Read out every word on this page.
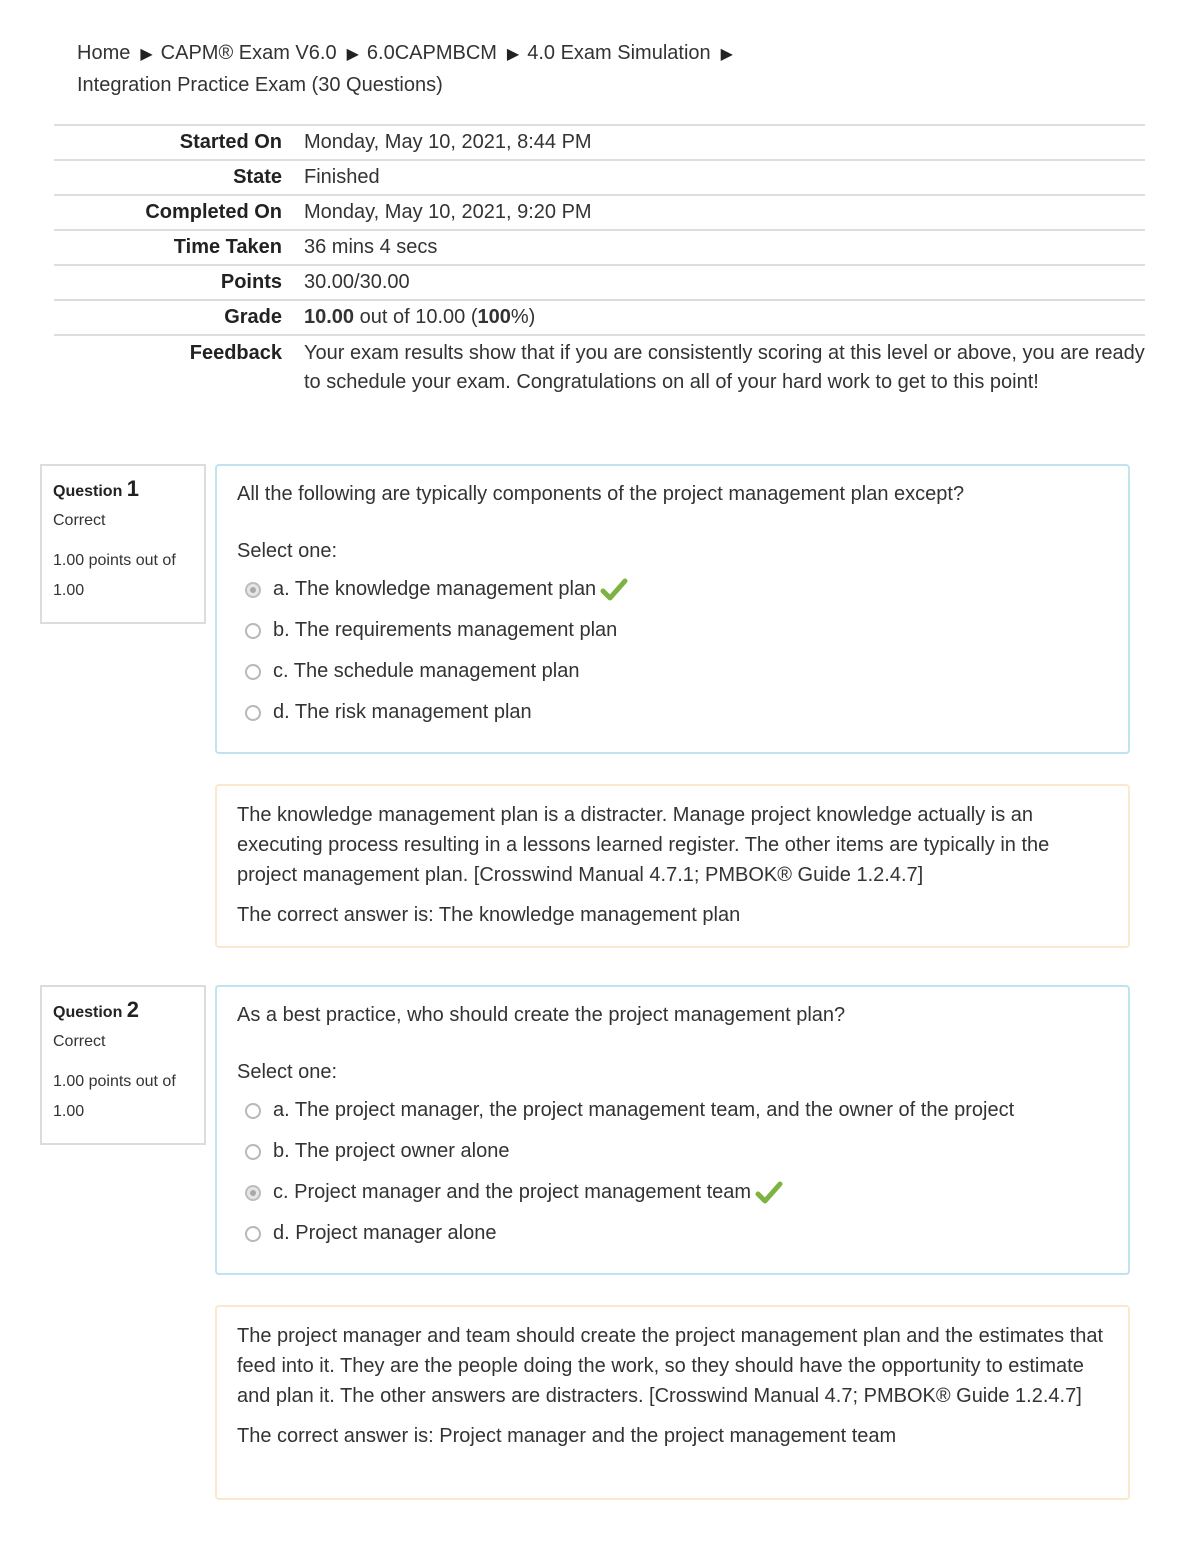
Home ▶ CAPM® Exam V6.0 ▶ 6.0CAPMBCM ▶ 4.0 Exam Simulation ▶
Integration Practice Exam (30 Questions)
Started On	Monday, May 10, 2021, 8:44 PM
State	Finished
Completed On	Monday, May 10, 2021, 9:20 PM
Time Taken	36 mins 4 secs
Points	30.00/30.00
Grade	10.00 out of 10.00 (100%)
Feedback	Your exam results show that if you are consistently scoring at this level or above, you are ready to schedule your exam. Congratulations on all of your hard work to get to this point!
Question 1
Correct
1.00 points out of 1.00
All the following are typically components of the project management plan except?
Select one:
a. The knowledge management plan
b. The requirements management plan
c. The schedule management plan
d. The risk management plan
The knowledge management plan is a distracter. Manage project knowledge actually is an executing process resulting in a lessons learned register. The other items are typically in the project management plan. [Crosswind Manual 4.7.1; PMBOK® Guide 1.2.4.7]
The correct answer is: The knowledge management plan
Question 2
Correct
1.00 points out of 1.00
As a best practice, who should create the project management plan?
Select one:
a. The project manager, the project management team, and the owner of the project
b. The project owner alone
c. Project manager and the project management team
d. Project manager alone
The project manager and team should create the project management plan and the estimates that feed into it. They are the people doing the work, so they should have the opportunity to estimate and plan it. The other answers are distracters. [Crosswind Manual 4.7; PMBOK® Guide 1.2.4.7]
The correct answer is: Project manager and the project management team
